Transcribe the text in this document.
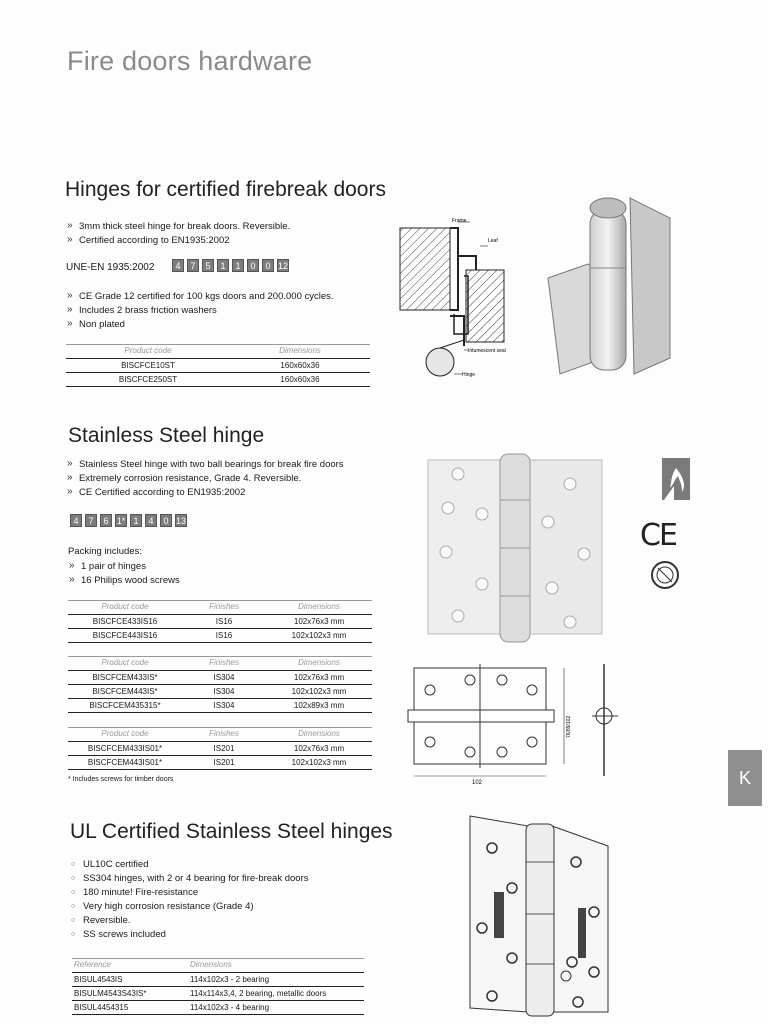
Fire doors hardware
Hinges for certified firebreak doors
» 3mm thick steel hinge for break doors. Reversible.
» Certified according to EN1935:2002
UNE-EN 1935:2002	4	7	5	1	1	0	0 12
» CE Grade 12 certified for 100 kgs doors and 200.000 cycles.
» Includes 2 brass friction washers
» Non plated
Product code	Dimensions
BISCFCE10ST	160x60x36
BISCFCE250ST	160x60x36
Frame
Leaf
Intumescent seal
Hinge
Stainless Steel hinge
» Stainless Steel hinge with two ball bearings for break fire doors
» Extremely corrosion resistance, Grade 4. Reversible.
» CE Certified according to EN1935:2002
4	7	6 1* 1	4	0 13
Packing includes:
» 1 pair of hinges
» 16 Philips wood screws
Product code	Finishes	Dimensions
BISCFCE433IS16	IS16	102x76x3 mm
BISCFCE443IS16	IS16	102x102x3 mm
Product code	Finishes	Dimensions
BISCFCEM433IS*	IS304	102x76x3 mm
BISCFCEM443IS*	IS304	102x102x3 mm
BISCFCEM435315*	IS304	102x89x3 mm
Product code	Finishes	Dimensions
BISCFCEM433IS01*	IS201	102x76x3 mm
BISCFCEM443IS01*	IS201	102x102x3 mm
* Includes screws for timber doors	102
76/89/102
CE
K
UL Certified Stainless Steel hinges
○ UL10C certified
○ SS304 hinges, with 2 or 4 bearing for fire-break doors
○ 180 minute! Fire-resistance
○ Very high corrosion resistance (Grade 4)
○ Reversible.
○ SS screws included
Reference	Dimensions
BISUL4543IS	114x102x3 - 2 bearing
BISULM4543S43IS*	114x114x3,4, 2 bearing, metallic doors
BISUL4454315	114x102x3 - 4 bearing
